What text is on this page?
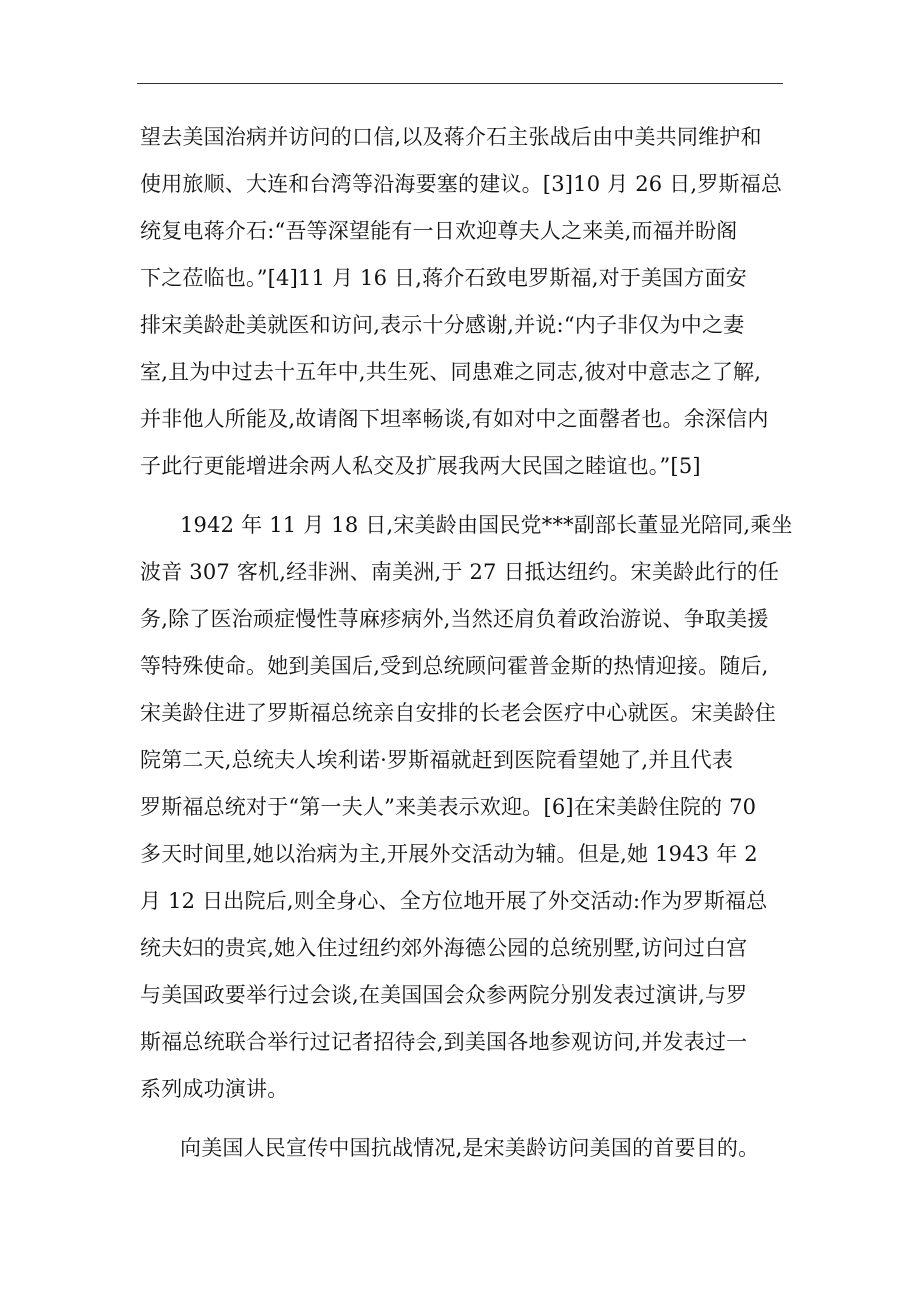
望去美国治病并访问的口信,以及蒋介石主张战后由中美共同维护和
使用旅顺、大连和台湾等沿海要塞的建议。[3]10 月 26 日,罗斯福总
统复电蒋介石:“吾等深望能有一日欢迎尊夫人之来美,而福并盼阁
下之莅临也。”[4]11 月 16 日,蒋介石致电罗斯福,对于美国方面安
排宋美龄赴美就医和访问,表示十分感谢,并说:“内子非仅为中之妻
室,且为中过去十五年中,共生死、同患难之同志,彼对中意志之了解,
并非他人所能及,故请阁下坦率畅谈,有如对中之面罄者也。余深信内
子此行更能增进余两人私交及扩展我两大民国之睦谊也。”[5]
1942 年 11 月 18 日,宋美龄由国民党***副部长董显光陪同,乘坐
波音 307 客机,经非洲、南美洲,于 27 日抵达纽约。宋美龄此行的任
务,除了医治顽症慢性荨麻疹病外,当然还肩负着政治游说、争取美援
等特殊使命。她到美国后,受到总统顾问霍普金斯的热情迎接。随后,
宋美龄住进了罗斯福总统亲自安排的长老会医疗中心就医。宋美龄住
院第二天,总统夫人埃利诺·罗斯福就赶到医院看望她了,并且代表
罗斯福总统对于“第一夫人”来美表示欢迎。[6]在宋美龄住院的 70
多天时间里,她以治病为主,开展外交活动为辅。但是,她 1943 年 2
月 12 日出院后,则全身心、全方位地开展了外交活动:作为罗斯福总
统夫妇的贵宾,她入住过纽约郊外海德公园的总统别墅,访问过白宫
与美国政要举行过会谈,在美国国会众参两院分别发表过演讲,与罗
斯福总统联合举行过记者招待会,到美国各地参观访问,并发表过一
系列成功演讲。
向美国人民宣传中国抗战情况,是宋美龄访问美国的首要目的。
